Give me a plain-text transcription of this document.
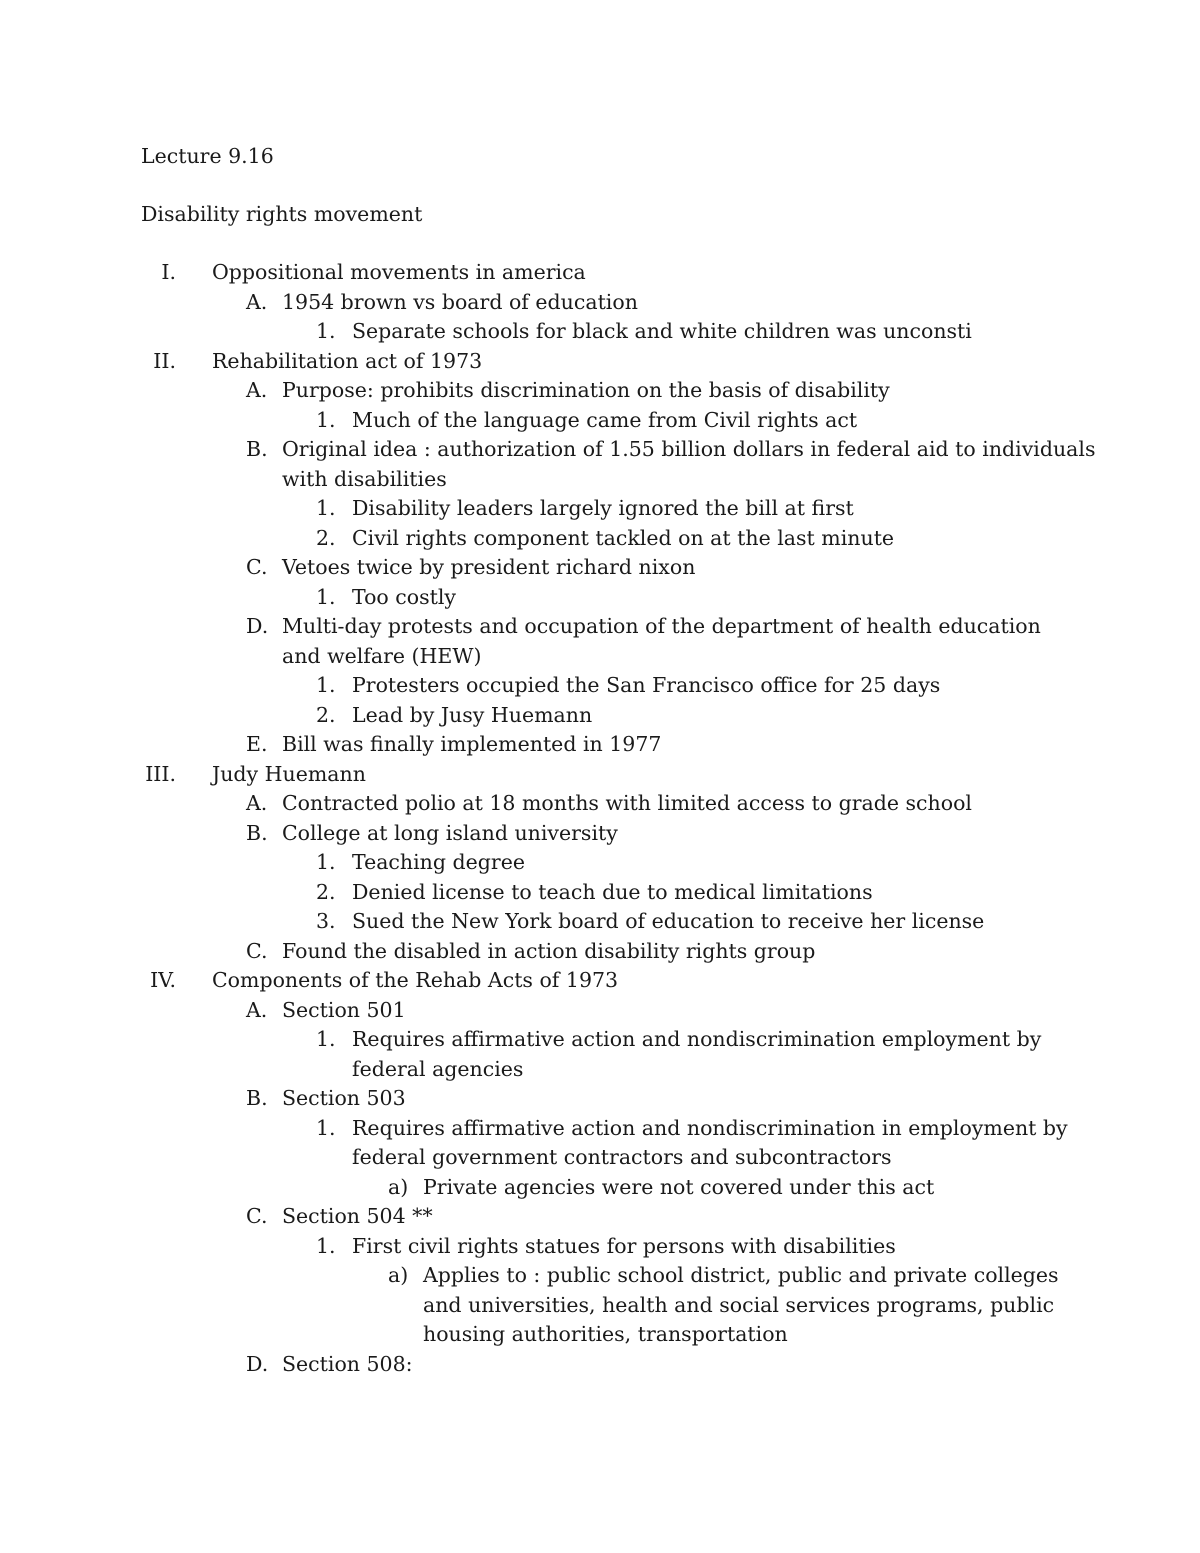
Lecture 9.16
Disability rights movement
I. Oppositional movements in america
A. 1954 brown vs board of education
1. Separate schools for black and white children was unconsti
II. Rehabilitation act of 1973
A. Purpose: prohibits discrimination on the basis of disability
1. Much of the language came from Civil rights act
B. Original idea : authorization of 1.55 billion dollars in federal aid to individuals
with disabilities
1. Disability leaders largely ignored the bill at first
2. Civil rights component tackled on at the last minute
C. Vetoes twice by president richard nixon
1. Too costly
D. Multi-day protests and occupation of the department of health education
and welfare (HEW)
1. Protesters occupied the San Francisco office for 25 days
2. Lead by Jusy Huemann
E. Bill was finally implemented in 1977
III. Judy Huemann
A. Contracted polio at 18 months with limited access to grade school
B. College at long island university
1. Teaching degree
2. Denied license to teach due to medical limitations
3. Sued the New York board of education to receive her license
C. Found the disabled in action disability rights group
IV. Components of the Rehab Acts of 1973
A. Section 501
1. Requires affirmative action and nondiscrimination employment by
federal agencies
B. Section 503
1. Requires affirmative action and nondiscrimination in employment by
federal government contractors and subcontractors
a) Private agencies were not covered under this act
C. Section 504 **
1. First civil rights statues for persons with disabilities
a) Applies to : public school district, public and private colleges
and universities, health and social services programs, public
housing authorities, transportation
D. Section 508:
